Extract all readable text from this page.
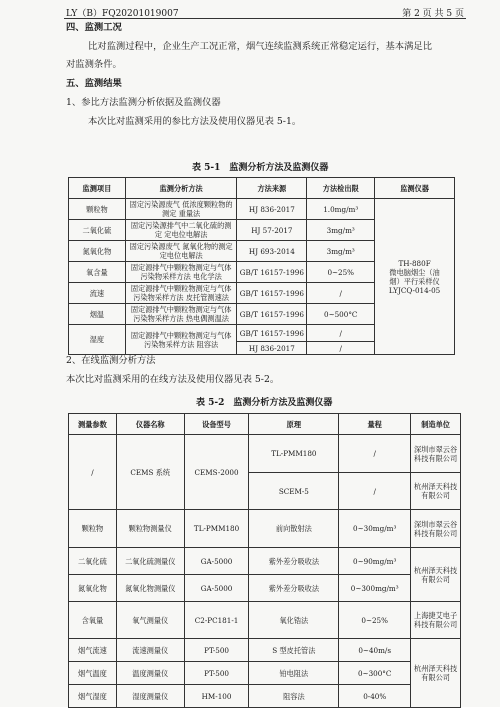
LY（B）FQ20201019007	第 2 页 共 5 页
四、监测工况
比对监测过程中，企业生产工况正常，烟气连续监测系统正常稳定运行，基本满足比
对监测条件。
五、监测结果
1、参比方法监测分析依据及监测仪器
本次比对监测采用的参比方法及使用仪器见表 5-1。
表 5-1　监测分析方法及监测仪器
监测项目	监测分析方法	方法来源	方法检出限	监测仪器
颗粒物	固定污染源废气 低浓度颗粒物的测定 重量法	HJ 836-2017	1.0mg/m³	TH-880F
微电脑烟尘（油
烟）平行采样仪
LYJCQ-014-05

二氧化硫	固定污染源排气中二氧化硫的测定 定电位电解法	HJ 57-2017	3mg/m³	
氮氧化物	固定污染源废气 氮氧化物的测定 定电位电解法	HJ 693-2014	3mg/m³	
氧含量	固定源排气中颗粒物测定与气体污染物采样方法 电化学法	GB/T 16157-1996	0~25%	
流速	固定源排气中颗粒物测定与气体污染物采样方法 皮托管测速法	GB/T 16157-1996	/	
烟温	固定源排气中颗粒物测定与气体污染物采样方法 热电偶测温法	GB/T 16157-1996	0~500°C	
湿度	固定源排气中颗粒物测定与气体污染物采样方法 阻容法	GB/T 16157-1996	/	
		HJ 836-2017	/	
2、在线监测分析方法
本次比对监测采用的在线方法及使用仪器见表 5-2。
表 5-2　监测分析方法及监测仪器
测量参数	仪器名称	设备型号	原理	量程	制造单位
/	CEMS 系统	CEMS-2000	TL-PMM180	/	深圳市翠云谷科技有限公司
			SCEM-5	/	杭州泽天科技有限公司
颗粒物	颗粒物测量仪	TL-PMM180	前向散射法	0~30mg/m³	深圳市翠云谷科技有限公司
二氧化硫	二氧化硫测量仪	GA-5000	紫外差分吸收法	0~90mg/m³	杭州泽天科技有限公司
氮氧化物	氮氧化物测量仪	GA-5000	紫外差分吸收法	0~300mg/m³	
含氧量	氧气测量仪	C2-PC181-1	氧化锆法	0~25%	上海捷艾电子科技有限公司
烟气流速	流速测量仪	PT-500	S 型皮托管法	0~40m/s	杭州泽天科技有限公司
烟气温度	温度测量仪	PT-500	铂电阻法	0~300°C	
烟气湿度	湿度测量仪	HM-100	阻容法	0-40%	
